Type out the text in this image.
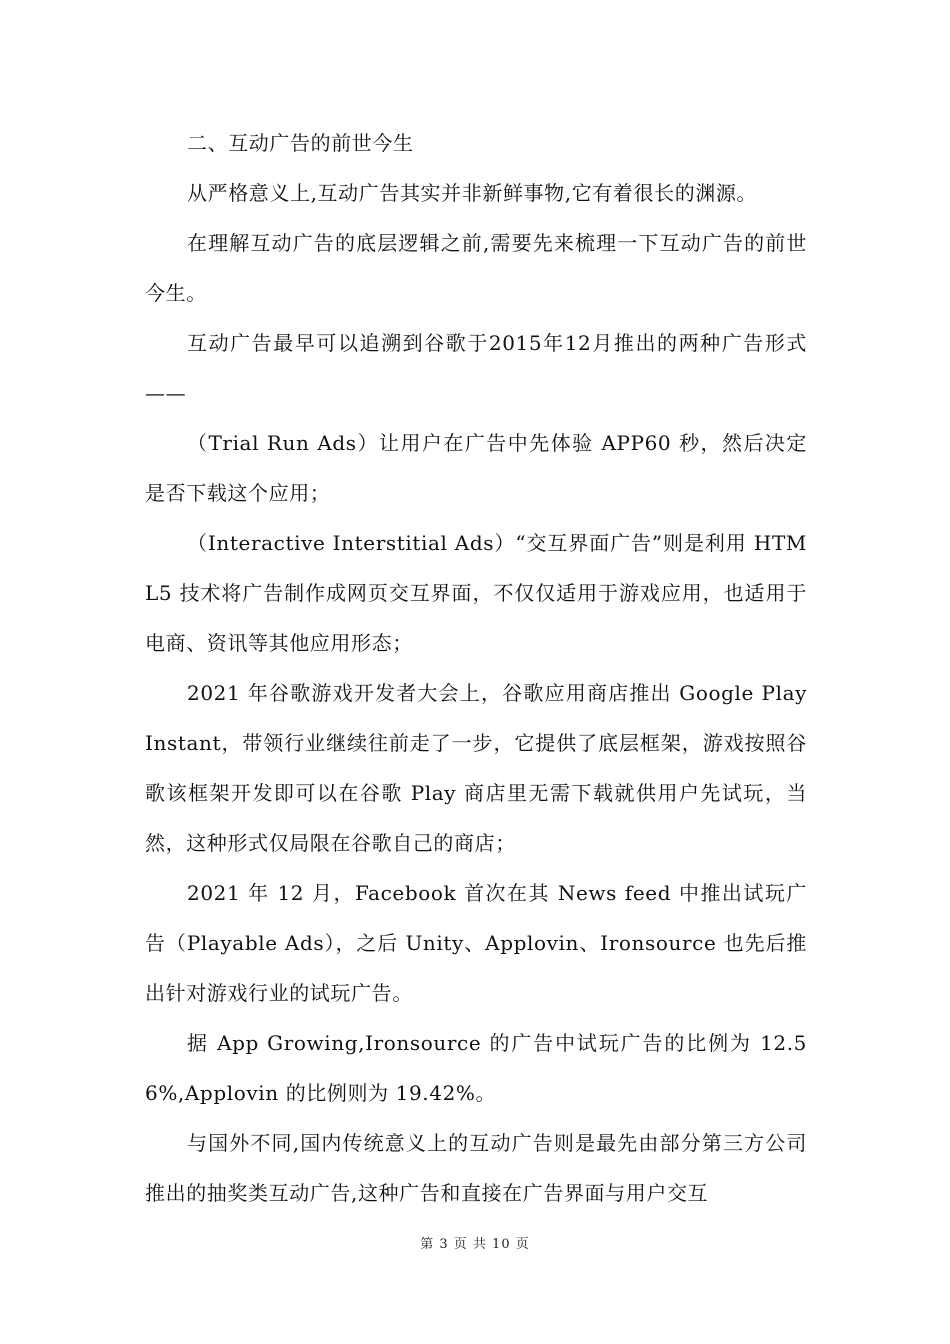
二、互动广告的前世今生

从严格意义上,互动广告其实并非新鲜事物,它有着很长的渊源。

在理解互动广告的底层逻辑之前,需要先来梳理一下互动广告的前世今生。

互动广告最早可以追溯到谷歌于2015年12月推出的两种广告形式——

（Trial Run Ads）让用户在广告中先体验 APP60 秒，然后决定是否下载这个应用；

（Interactive Interstitial Ads）“交互界面广告”则是利用 HTML5 技术将广告制作成网页交互界面，不仅仅适用于游戏应用，也适用于电商、资讯等其他应用形态；

2021 年谷歌游戏开发者大会上，谷歌应用商店推出 Google Play Instant，带领行业继续往前走了一步，它提供了底层框架，游戏按照谷歌该框架开发即可以在谷歌 Play 商店里无需下载就供用户先试玩，当然，这种形式仅局限在谷歌自己的商店；

2021 年 12 月，Facebook 首次在其 News feed 中推出试玩广告（Playable Ads），之后 Unity、Applovin、Ironsource 也先后推出针对游戏行业的试玩广告。

据 App Growing,Ironsource 的广告中试玩广告的比例为 12.56%,Applovin 的比例则为 19.42%。

与国外不同,国内传统意义上的互动广告则是最先由部分第三方公司推出的抽奖类互动广告,这种广告和直接在广告界面与用户交互

第 3 页 共 10 页
